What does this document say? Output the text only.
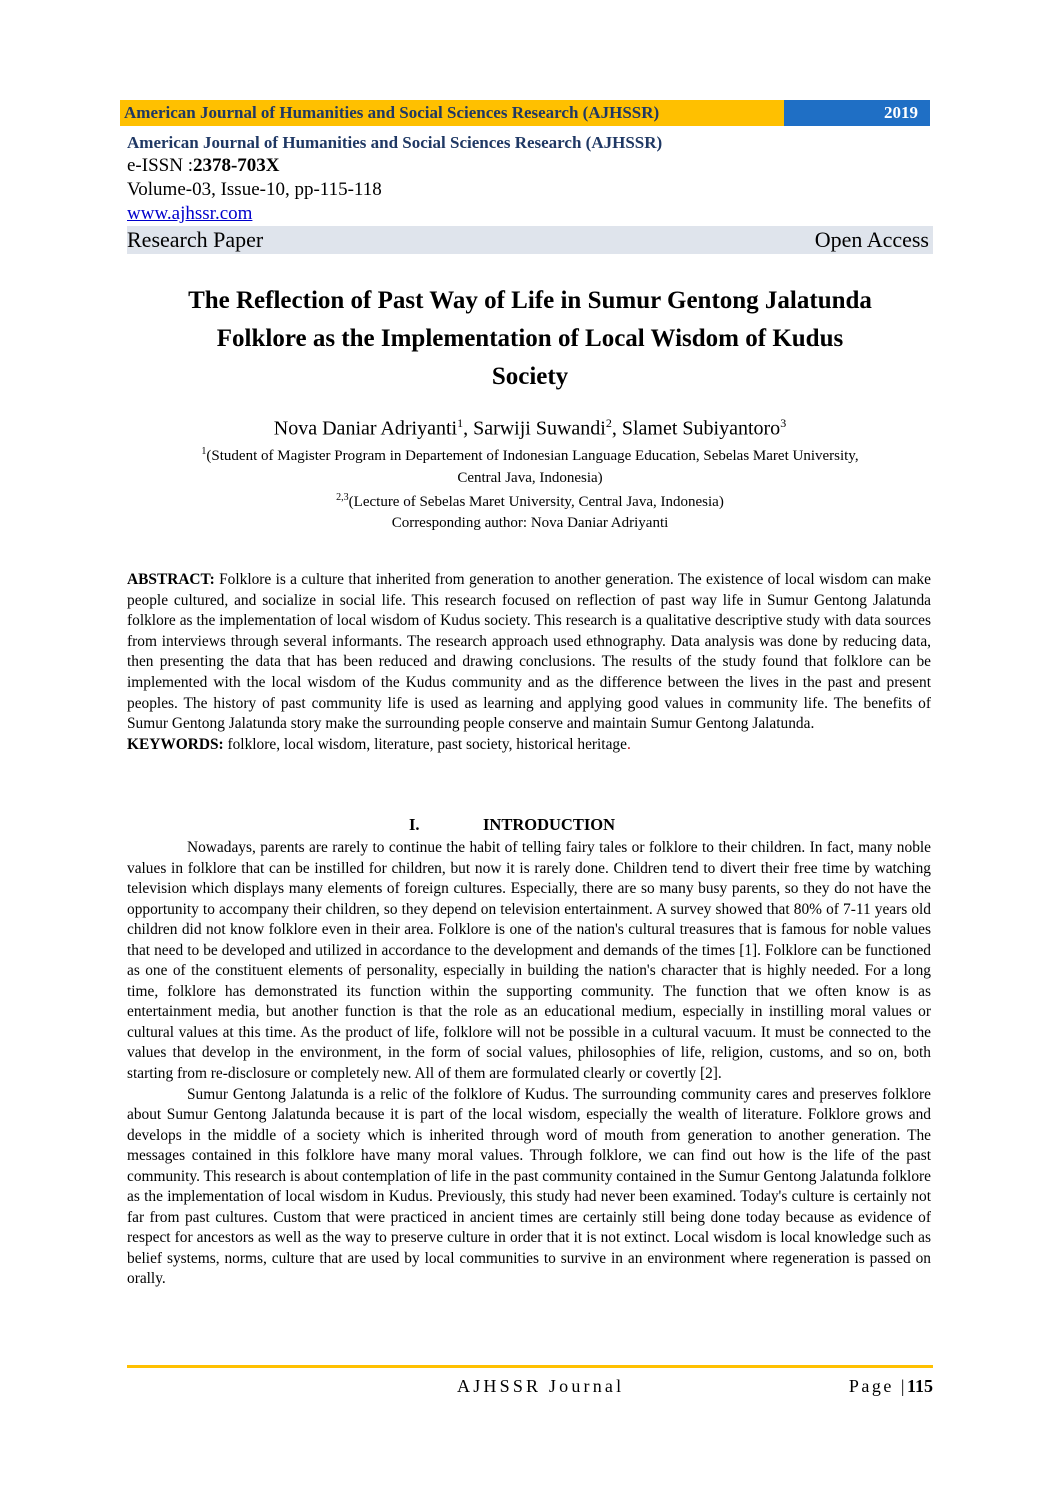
American Journal of Humanities and Social Sciences Research (AJHSSR)	2019
American Journal of Humanities and Social Sciences Research (AJHSSR)
e-ISSN :2378-703X
Volume-03, Issue-10, pp-115-118
www.ajhssr.com
Research Paper	Open Access
The Reflection of Past Way of Life in Sumur Gentong Jalatunda
Folklore as the Implementation of Local Wisdom of Kudus
Society
Nova Daniar Adriyanti$^1$, Sarwiji Suwandi$^2$, Slamet Subiyantoro$^3$
$^1$(Student of Magister Program in Departement of Indonesian Language Education, Sebelas Maret University,
Central Java, Indonesia)
$^{2,3}$(Lecture of Sebelas Maret University, Central Java, Indonesia)
Corresponding author: Nova Daniar Adriyanti
ABSTRACT: Folklore is a culture that inherited from generation to another generation. The existence of local wisdom can make people cultured, and socialize in social life. This research focused on reflection of past way life in Sumur Gentong Jalatunda folklore as the implementation of local wisdom of Kudus society. This research is a qualitative descriptive study with data sources from interviews through several informants. The research approach used ethnography. Data analysis was done by reducing data, then presenting the data that has been reduced and drawing conclusions. The results of the study found that folklore can be implemented with the local wisdom of the Kudus community and as the difference between the lives in the past and present peoples. The history of past community life is used as learning and applying good values in community life. The benefits of Sumur Gentong Jalatunda story make the surrounding people conserve and maintain Sumur Gentong Jalatunda.
KEYWORDS: folklore, local wisdom, literature, past society, historical heritage.
I.	INTRODUCTION

Nowadays, parents are rarely to continue the habit of telling fairy tales or folklore to their children. In fact, many noble values in folklore that can be instilled for children, but now it is rarely done. Children tend to divert their free time by watching television which displays many elements of foreign cultures. Especially, there are so many busy parents, so they do not have the opportunity to accompany their children, so they depend on television entertainment. A survey showed that 80% of 7-11 years old children did not know folklore even in their area. Folklore is one of the nation's cultural treasures that is famous for noble values that need to be developed and utilized in accordance to the development and demands of the times [1]. Folklore can be functioned as one of the constituent elements of personality, especially in building the nation's character that is highly needed. For a long time, folklore has demonstrated its function within the supporting community. The function that we often know is as entertainment media, but another function is that the role as an educational medium, especially in instilling moral values or cultural values at this time. As the product of life, folklore will not be possible in a cultural vacuum. It must be connected to the values that develop in the environment, in the form of social values, philosophies of life, religion, customs, and so on, both starting from re-disclosure or completely new. All of them are formulated clearly or covertly [2].

Sumur Gentong Jalatunda is a relic of the folklore of Kudus. The surrounding community cares and preserves folklore about Sumur Gentong Jalatunda because it is part of the local wisdom, especially the wealth of literature. Folklore grows and develops in the middle of a society which is inherited through word of mouth from generation to another generation. The messages contained in this folklore have many moral values. Through folklore, we can find out how is the life of the past community. This research is about contemplation of life in the past community contained in the Sumur Gentong Jalatunda folklore as the implementation of local wisdom in Kudus. Previously, this study had never been examined. Today's culture is certainly not far from past cultures. Custom that were practiced in ancient times are certainly still being done today because as evidence of respect for ancestors as well as the way to preserve culture in order that it is not extinct. Local wisdom is local knowledge such as belief systems, norms, culture that are used by local communities to survive in an environment where regeneration is passed on orally.

AJHSSR Journal	Page |115
